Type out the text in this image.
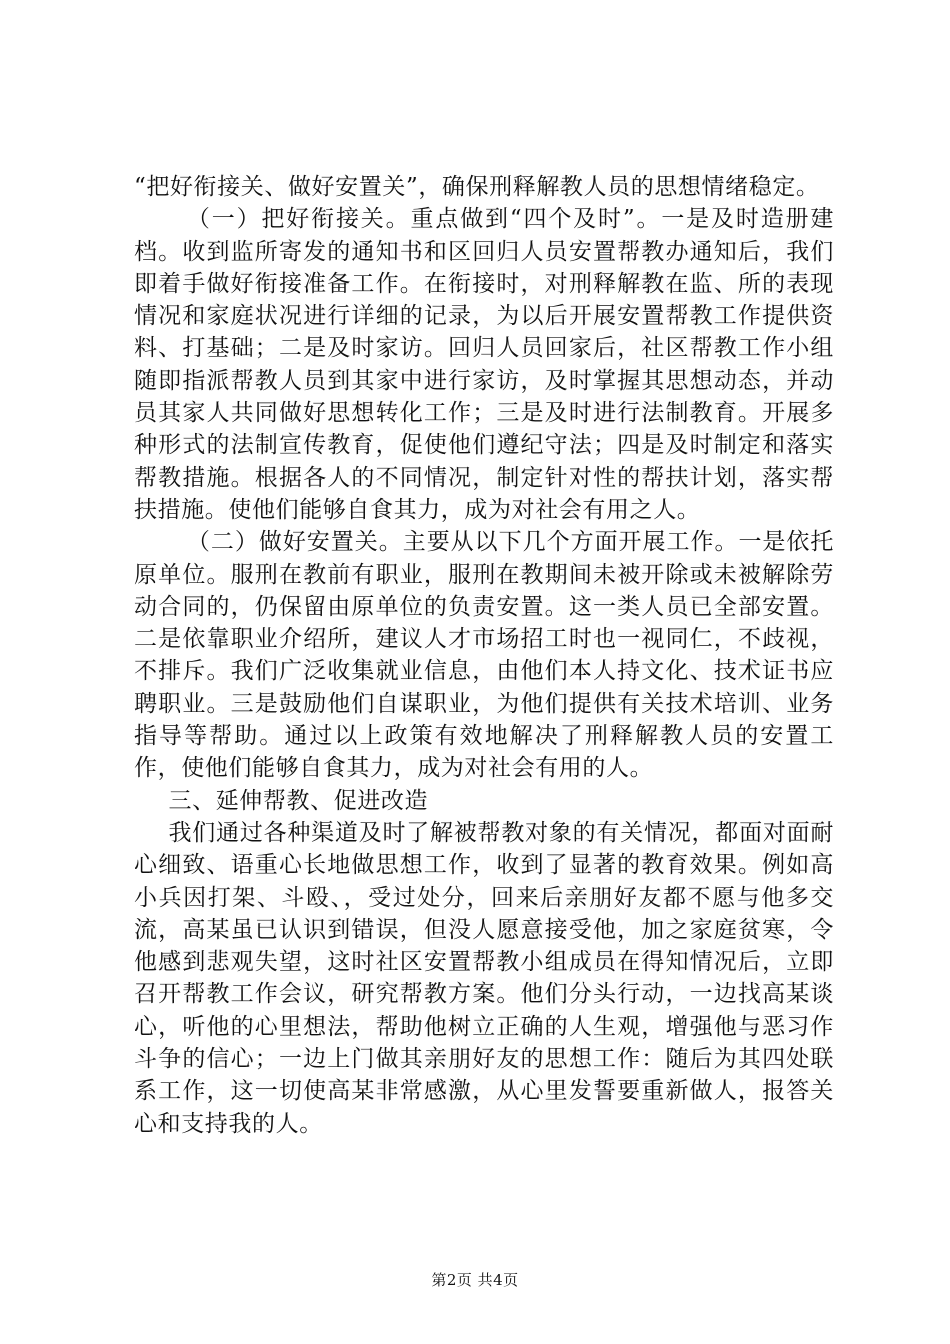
“把好衔接关、做好安置关”，确保刑释解教人员的思想情绪稳定。

（一）把好衔接关。重点做到“四个及时”。一是及时造册建档。收到监所寄发的通知书和区回归人员安置帮教办通知后，我们即着手做好衔接准备工作。在衔接时，对刑释解教在监、所的表现情况和家庭状况进行详细的记录，为以后开展安置帮教工作提供资料、打基础；二是及时家访。回归人员回家后，社区帮教工作小组随即指派帮教人员到其家中进行家访，及时掌握其思想动态，并动员其家人共同做好思想转化工作；三是及时进行法制教育。开展多种形式的法制宣传教育，促使他们遵纪守法；四是及时制定和落实帮教措施。根据各人的不同情况，制定针对性的帮扶计划，落实帮扶措施。使他们能够自食其力，成为对社会有用之人。

（二）做好安置关。主要从以下几个方面开展工作。一是依托原单位。服刑在教前有职业，服刑在教期间未被开除或未被解除劳动合同的，仍保留由原单位的负责安置。这一类人员已全部安置。二是依靠职业介绍所，建议人才市场招工时也一视同仁，不歧视，不排斥。我们广泛收集就业信息，由他们本人持文化、技术证书应聘职业。三是鼓励他们自谋职业，为他们提供有关技术培训、业务指导等帮助。通过以上政策有效地解决了刑释解教人员的安置工作，使他们能够自食其力，成为对社会有用的人。

三、延伸帮教、促进改造

我们通过各种渠道及时了解被帮教对象的有关情况，都面对面耐心细致、语重心长地做思想工作，收到了显著的教育效果。例如高小兵因打架、斗殴、，受过处分，回来后亲朋好友都不愿与他多交流，高某虽已认识到错误，但没人愿意接受他，加之家庭贫寒，令他感到悲观失望，这时社区安置帮教小组成员在得知情况后，立即召开帮教工作会议，研究帮教方案。他们分头行动，一边找高某谈心，听他的心里想法，帮助他树立正确的人生观，增强他与恶习作斗争的信心；一边上门做其亲朋好友的思想工作：随后为其四处联系工作，这一切使高某非常感激，从心里发誓要重新做人，报答关心和支持我的人。

第2页 共4页
